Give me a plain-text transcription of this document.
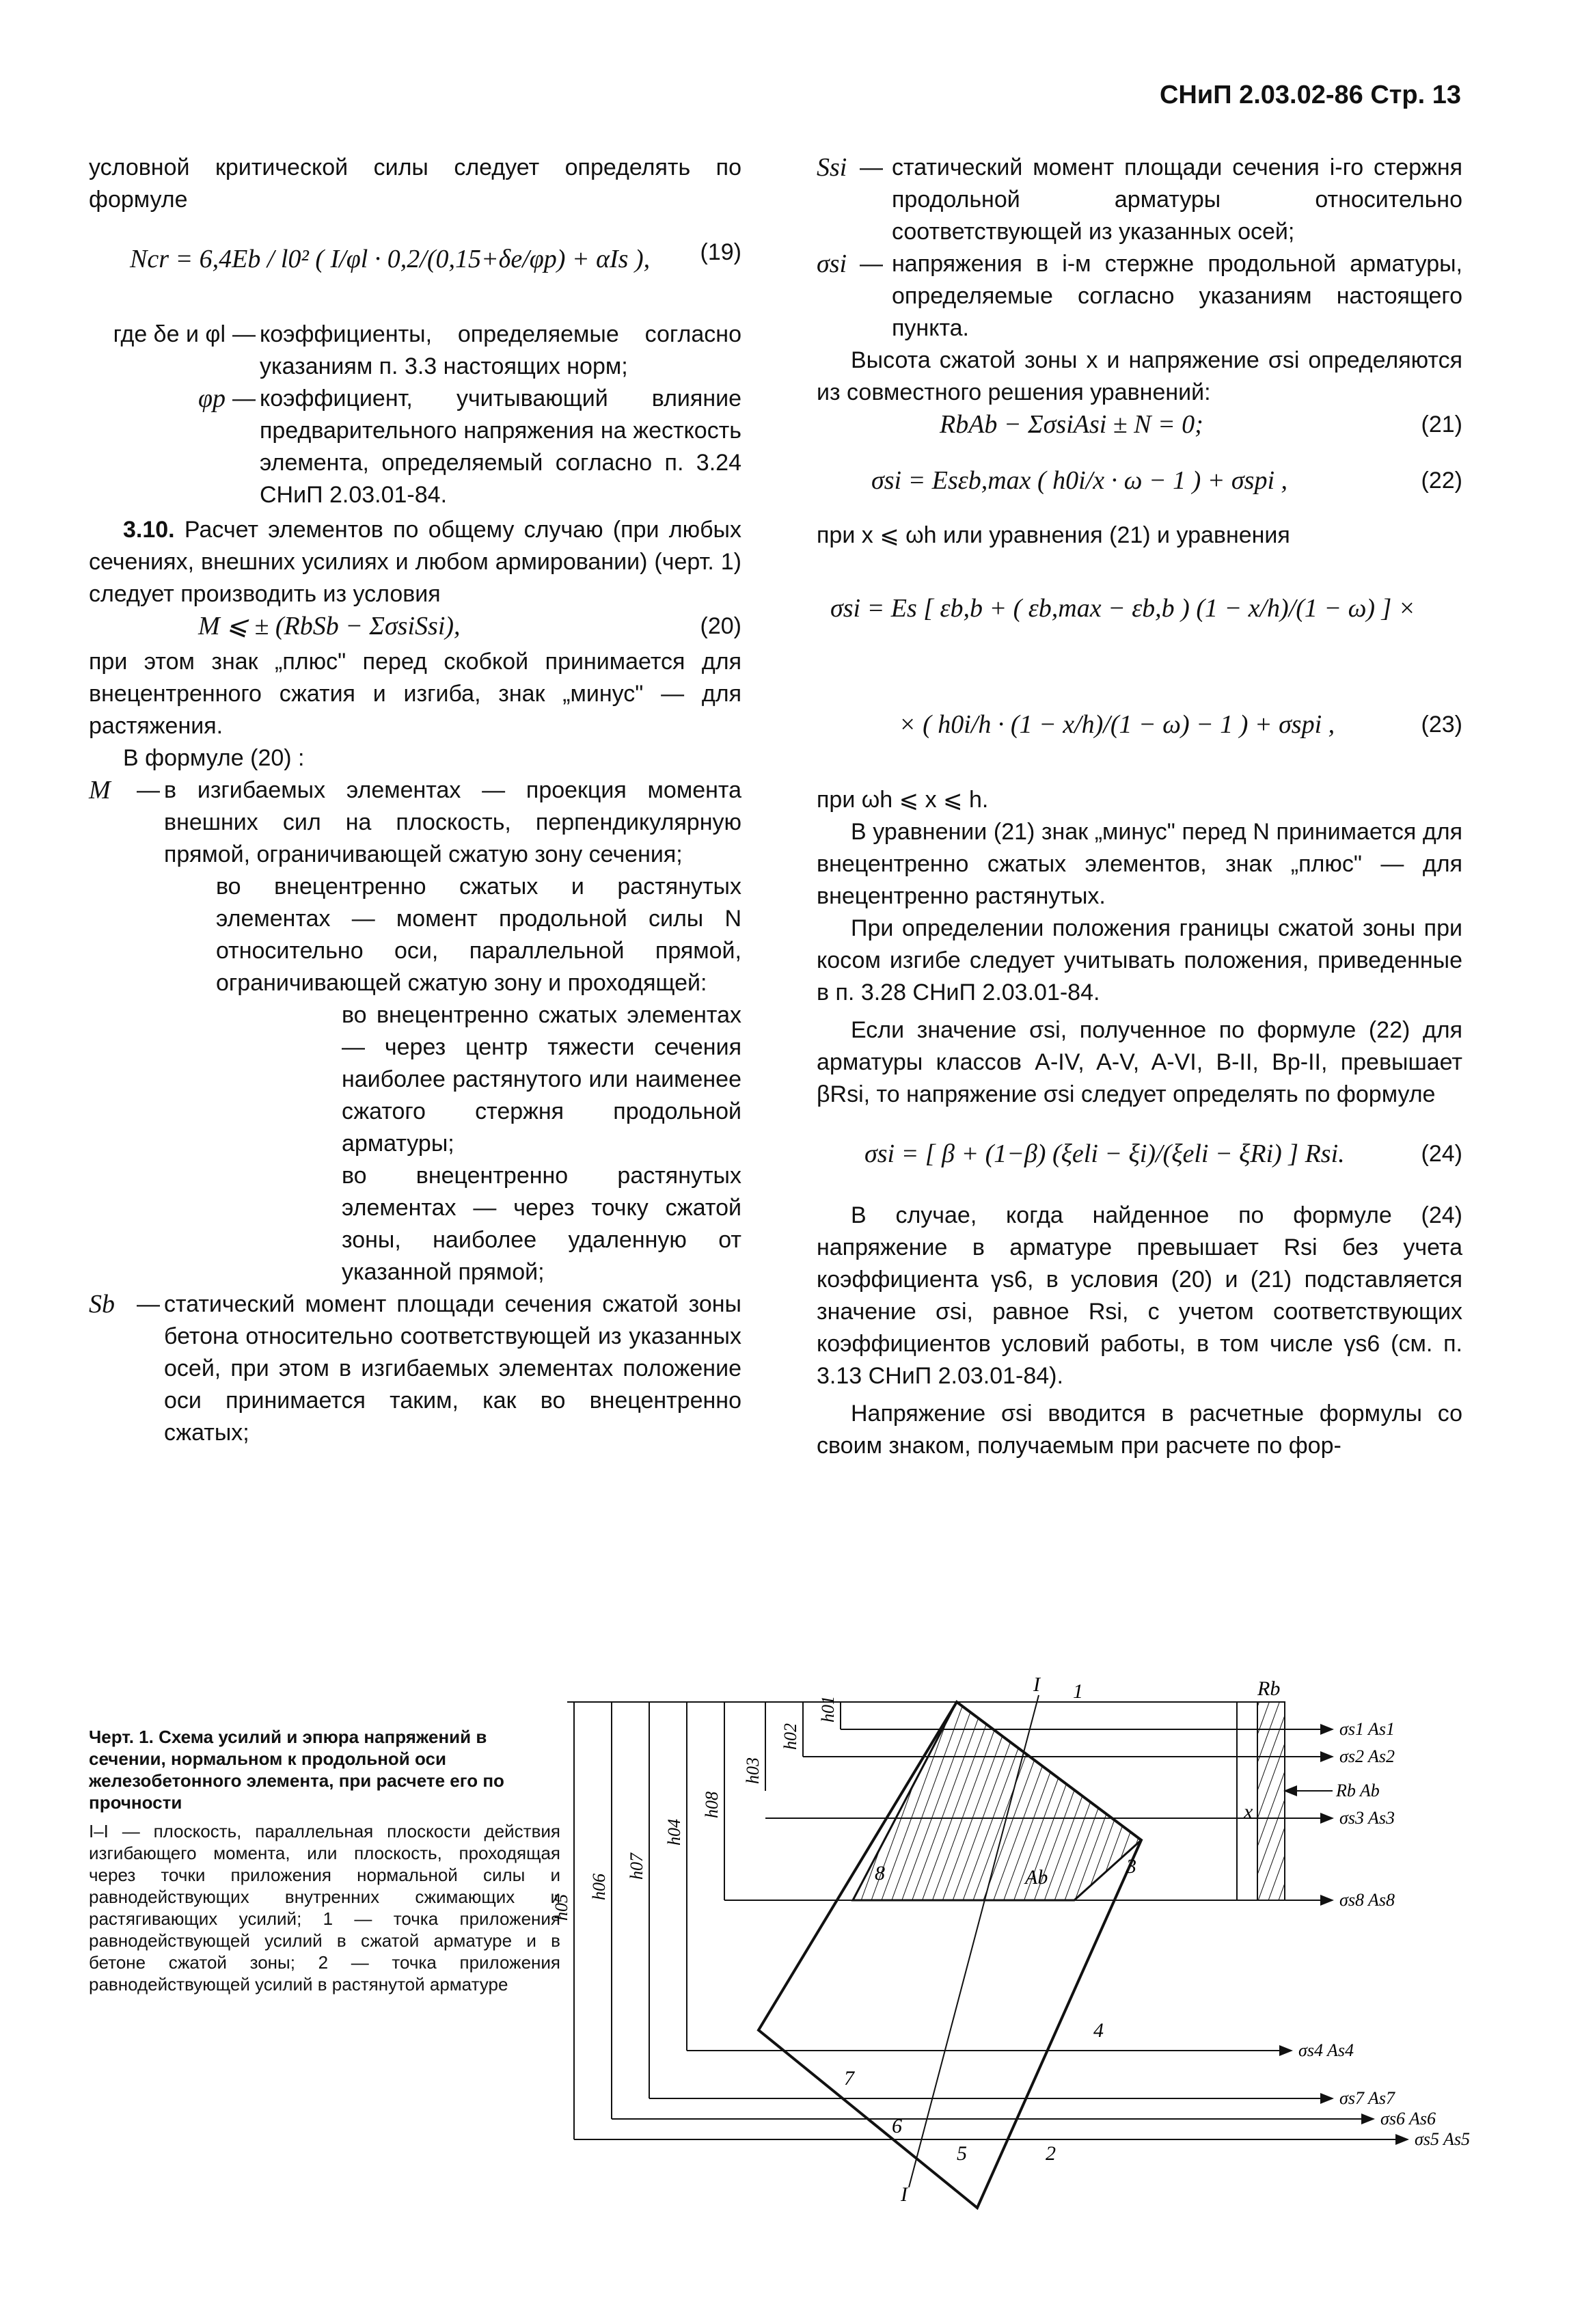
СНиП 2.03.02-86 Стр. 13

условной критической силы следует определять по формуле

Ncr = 6,4Eb / l0² ( I/φl · 0,2/(0,15+δe/φp) + αIs ), (19)
где δe и φl — коэффициенты, определяемые согласно указаниям п. 3.3 настоящих норм;
φp — коэффициент, учитывающий влияние предварительного напряжения на жесткость элемента, определяемый согласно п. 3.24 СНиП 2.03.01-84.

3.10. Расчет элементов по общему случаю (при любых сечениях, внешних усилиях и любом армировании) (черт. 1) следует производить из условия

M ⩽ ± (RbSb − ΣσsiSsi),	(20)

при этом знак „плюс" перед скобкой принимается для внецентренного сжатия и изгиба, знак „минус" — для растяжения.

В формуле (20) :

M	— в изгибаемых элементах — проекция момента внешних сил на плоскость, перпендикулярную прямой, ограничивающей сжатую зону сечения;

во внецентренно сжатых и растянутых элементах — момент продольной силы N относительно оси, параллельной прямой, ограничивающей сжатую зону и проходящей:

во внецентренно сжатых элементах — через центр тяжести сечения наиболее растянутого или наименее сжатого стержня продольной арматуры;

во внецентренно растянутых элементах — через точку сжатой зоны, наиболее удаленную от указанной прямой;

Sb — статический момент площади сечения сжатой зоны бетона относительно соответствующей из указанных осей, при этом в изгибаемых элементах положение оси принимается таким, как во внецентренно сжатых;
Ssi — статический момент площади сечения i-го стержня продольной арматуры относительно соответствующей из указанных осей;
σsi — напряжения в i-м стержне продольной арматуры, определяемые согласно указаниям настоящего пункта.

Высота сжатой зоны x и напряжение σsi определяются из совместного решения уравнений:

RbAb − ΣσsiAsi ± N = 0;	(21)
σsi = Esεb,max ( h0i/x · ω − 1 ) + σspi ,	(22)

при x ⩽ ωh или уравнения (21) и уравнения

σsi = Es [ εb,b + ( εb,max − εb,b ) (1 − x/h)/(1 − ω) ] ×
× ( h0i/h · (1 − x/h)/(1 − ω) − 1 ) + σspi ,	(23)

при ωh ⩽ x ⩽ h.

В уравнении (21) знак „минус" перед N принимается для внецентренно сжатых элементов, знак „плюс" — для внецентренно растянутых.

При определении положения границы сжатой зоны при косом изгибе следует учитывать положения, приведенные в п. 3.28 СНиП 2.03.01-84.

Если значение σsi, полученное по формуле (22) для арматуры классов A-IV, A-V, A-VI, B-II, Bp-II, превышает βRsi, то напряжение σsi следует определять по формуле

σsi = [ β + (1−β) (ξeli − ξi)/(ξeli − ξRi) ] Rsi.	(24)

В случае, когда найденное по формуле (24) напряжение в арматуре превышает Rsi без учета коэффициента γs6, в условия (20) и (21) подставляется значение σsi, равное Rsi, с учетом соответствующих коэффициентов условий работы, в том числе γs6 (см. п. 3.13 СНиП 2.03.01-84).

Напряжение σsi вводится в расчетные формулы со своим знаком, получаемым при расчете по фор-

Черт. 1. Схема усилий и эпюра напряжений в сечении, нормальном к продольной оси железобетонного элемента, при расчете его по прочности
I–I — плоскость, параллельная плоскости действия изгибающего момента, или плоскость, проходящая через точки приложения нормальной силы и равнодействующих внутренних сжимающих и растягивающих усилий; 1 — точка приложения равнодействующей усилий в сжатой арматуре и в бетоне сжатой зоны; 2 — точка приложения равнодействующей усилий в растянутой арматуре
I 1
3
8	Ab
Rb
x
4
7
6
5	2
I
h01
h02
h03
h08
h04
h07
h06
h05
σs1 As1
σs2 As2
Rb Ab
σs3 As3
σs8 As8
σs4 As4
σs7 As7
σs6 As6
σs5 As5
